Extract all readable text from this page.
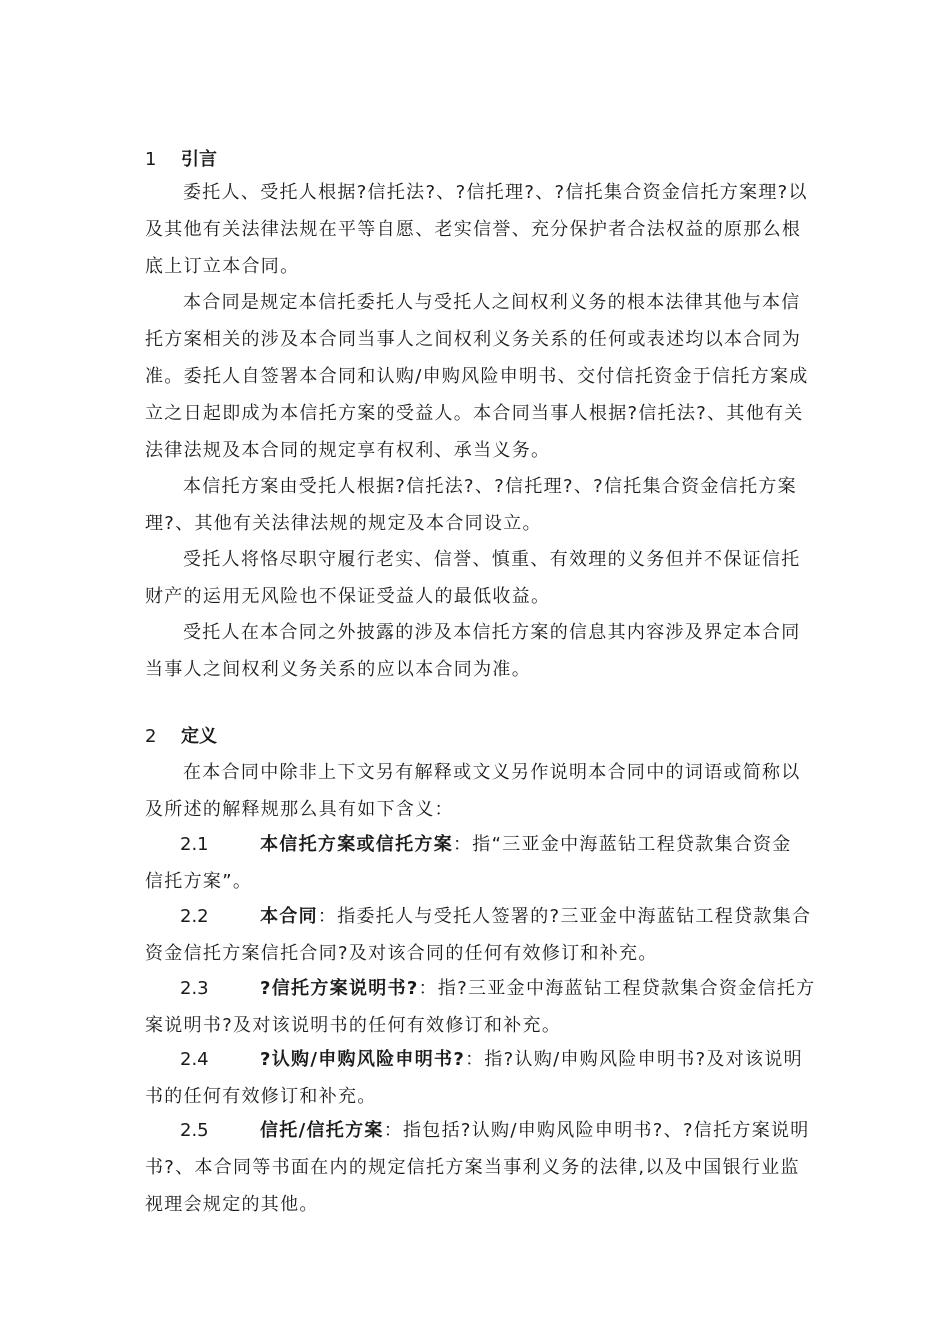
1 引言
委托人、受托人根据?信托法?、?信托理?、?信托集合资金信托方案理?以
及其他有关法律法规在平等自愿、老实信誉、充分保护者合法权益的原那么根
底上订立本合同。
本合同是规定本信托委托人与受托人之间权利义务的根本法律其他与本信
托方案相关的涉及本合同当事人之间权利义务关系的任何或表述均以本合同为
准。委托人自签署本合同和认购/申购风险申明书、交付信托资金于信托方案成
立之日起即成为本信托方案的受益人。本合同当事人根据?信托法?、其他有关
法律法规及本合同的规定享有权利、承当义务。
本信托方案由受托人根据?信托法?、?信托理?、?信托集合资金信托方案
理?、其他有关法律法规的规定及本合同设立。
受托人将恪尽职守履行老实、信誉、慎重、有效理的义务但并不保证信托
财产的运用无风险也不保证受益人的最低收益。
受托人在本合同之外披露的涉及本信托方案的信息其内容涉及界定本合同
当事人之间权利义务关系的应以本合同为准。
2 定义
在本合同中除非上下文另有解释或文义另作说明本合同中的词语或简称以
及所述的解释规那么具有如下含义：
2.1	本信托方案或信托方案：指“三亚金中海蓝钻工程贷款集合资金
信托方案”。
2.2	本合同：指委托人与受托人签署的?三亚金中海蓝钻工程贷款集合
资金信托方案信托合同?及对该合同的任何有效修订和补充。
2.3	?信托方案说明书?：指?三亚金中海蓝钻工程贷款集合资金信托方
案说明书?及对该说明书的任何有效修订和补充。
2.4	?认购/申购风险申明书?：指?认购/申购风险申明书?及对该说明
书的任何有效修订和补充。
2.5	信托/信托方案：指包括?认购/申购风险申明书?、?信托方案说明
书?、本合同等书面在内的规定信托方案当事利义务的法律,以及中国银行业监
视理会规定的其他。
